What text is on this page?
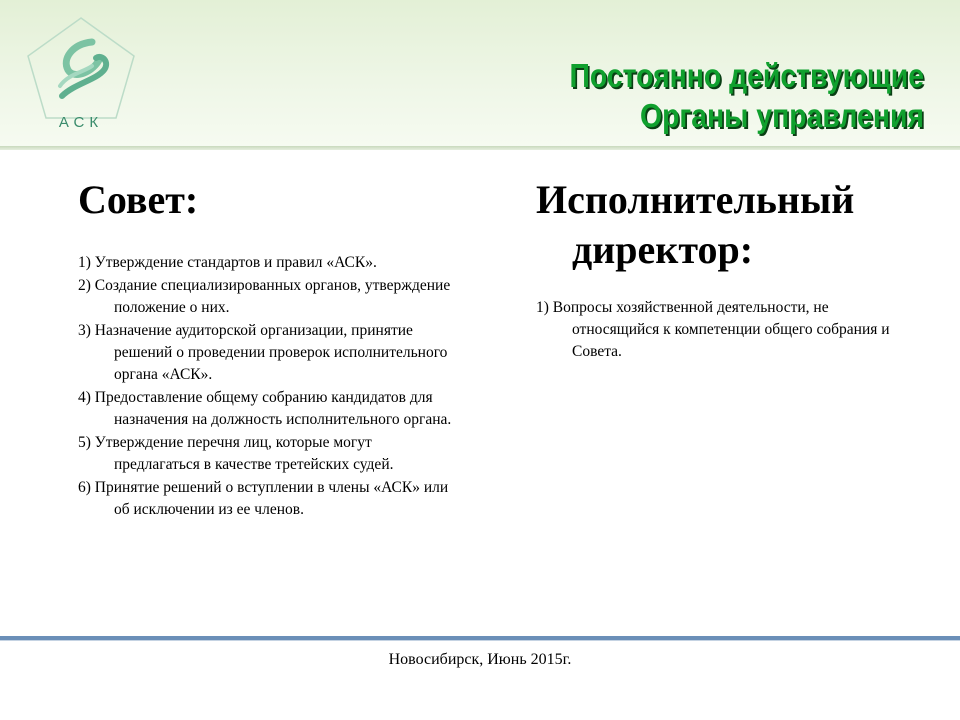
АСК
Постоянно действующие
Органы управления
Совет:
1) Утверждение стандартов и правил «АСК».
2) Создание специализированных органов, утверждение положение о них.
3) Назначение аудиторской организации, принятие решений о проведении проверок исполнительного органа «АСК».
4) Предоставление общему собранию кандидатов для назначения на должность исполнительного органа.
5) Утверждение перечня лиц, которые могут предлагаться в качестве третейских судей.
6) Принятие решений о вступлении в члены «АСК» или об исключении из ее членов.
Исполнительный директор:
1) Вопросы хозяйственной деятельности, не относящийся к компетенции общего собрания и Совета.
Новосибирск, Июнь 2015г.
